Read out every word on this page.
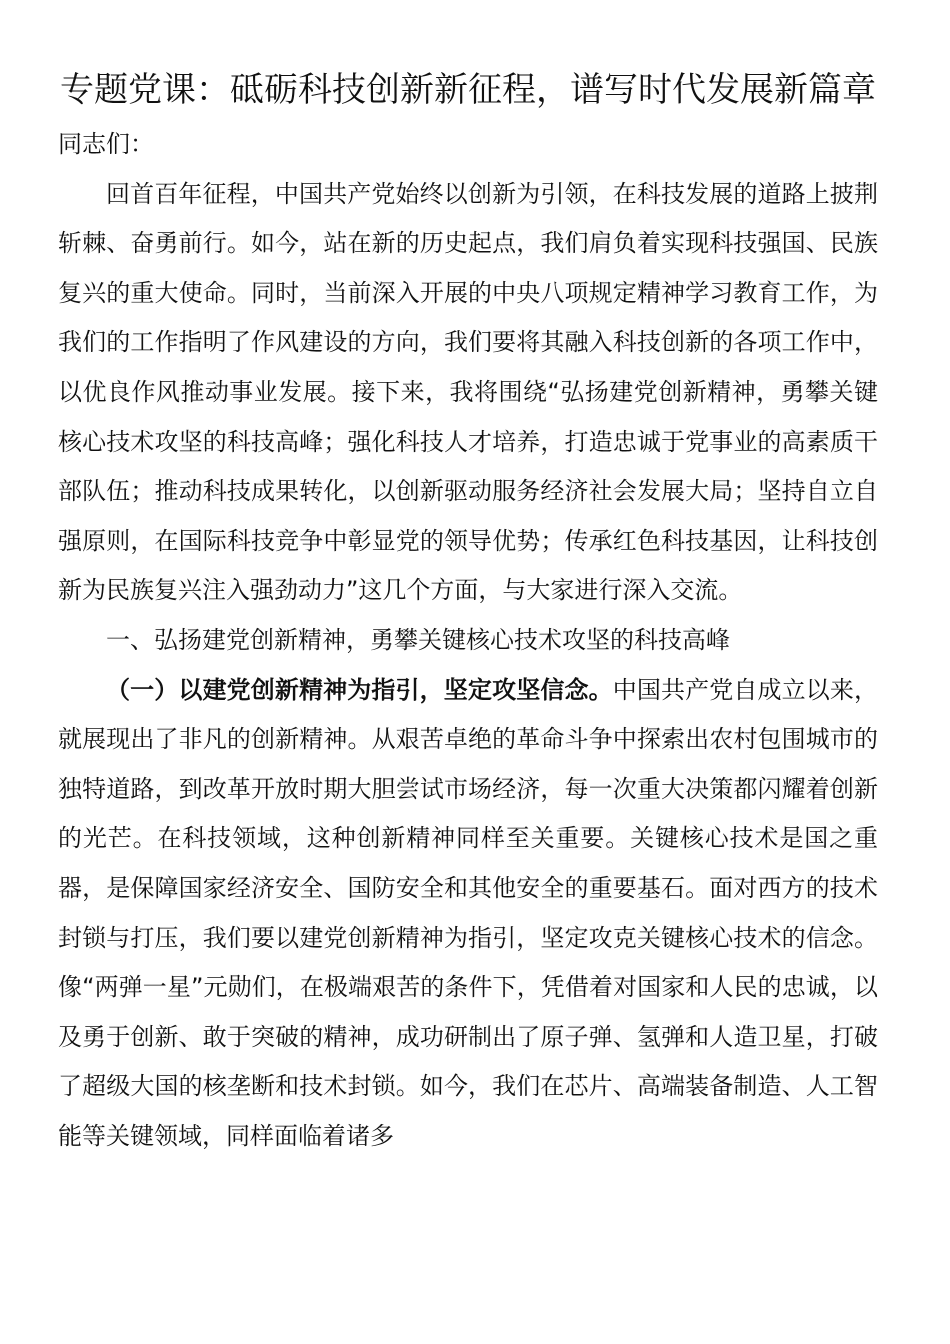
专题党课：砥砺科技创新新征程，谱写时代发展新篇章

同志们：

回首百年征程，中国共产党始终以创新为引领，在科技发展的道路上披荆斩棘、奋勇前行。如今，站在新的历史起点，我们肩负着实现科技强国、民族复兴的重大使命。同时，当前深入开展的中央八项规定精神学习教育工作，为我们的工作指明了作风建设的方向，我们要将其融入科技创新的各项工作中，以优良作风推动事业发展。接下来，我将围绕“弘扬建党创新精神，勇攀关键核心技术攻坚的科技高峰；强化科技人才培养，打造忠诚于党事业的高素质干部队伍；推动科技成果转化，以创新驱动服务经济社会发展大局；坚持自立自强原则，在国际科技竞争中彰显党的领导优势；传承红色科技基因，让科技创新为民族复兴注入强劲动力”这几个方面，与大家进行深入交流。

一、弘扬建党创新精神，勇攀关键核心技术攻坚的科技高峰

（一）以建党创新精神为指引，坚定攻坚信念。中国共产党自成立以来，就展现出了非凡的创新精神。从艰苦卓绝的革命斗争中探索出农村包围城市的独特道路，到改革开放时期大胆尝试市场经济，每一次重大决策都闪耀着创新的光芒。在科技领域，这种创新精神同样至关重要。关键核心技术是国之重器，是保障国家经济安全、国防安全和其他安全的重要基石。面对西方的技术封锁与打压，我们要以建党创新精神为指引，坚定攻克关键核心技术的信念。像“两弹一星”元勋们，在极端艰苦的条件下，凭借着对国家和人民的忠诚，以及勇于创新、敢于突破的精神，成功研制出了原子弹、氢弹和人造卫星，打破了超级大国的核垄断和技术封锁。如今，我们在芯片、高端装备制造、人工智能等关键领域，同样面临着诸多
